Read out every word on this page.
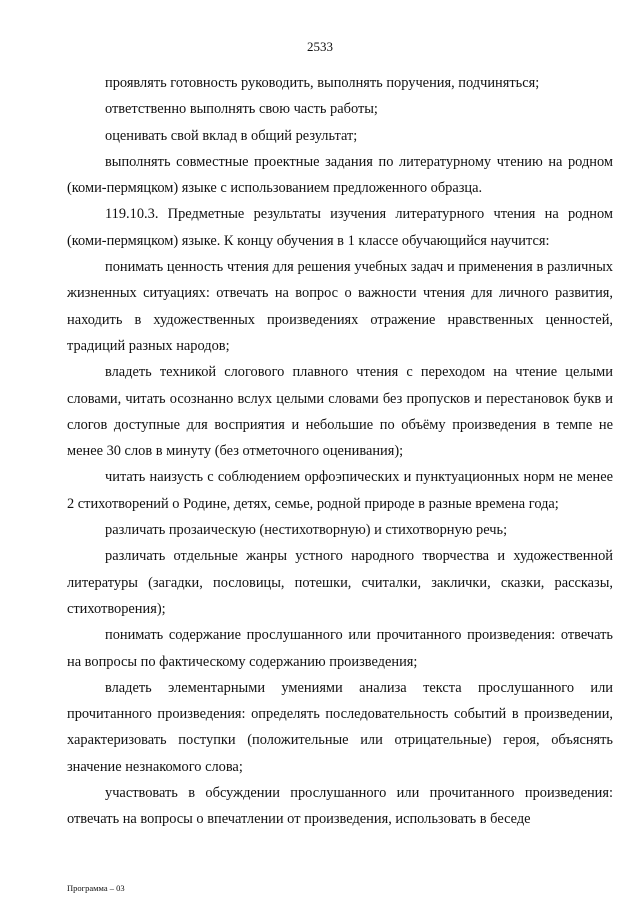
2533

проявлять готовность руководить, выполнять поручения, подчиняться;

ответственно выполнять свою часть работы;

оценивать свой вклад в общий результат;

выполнять совместные проектные задания по литературному чтению на родном (коми-пермяцком) языке с использованием предложенного образца.

119.10.3. Предметные результаты изучения литературного чтения на родном (коми-пермяцком) языке. К концу обучения в 1 классе обучающийся научится:

понимать ценность чтения для решения учебных задач и применения в различных жизненных ситуациях: отвечать на вопрос о важности чтения для личного развития, находить в художественных произведениях отражение нравственных ценностей, традиций разных народов;

владеть техникой слогового плавного чтения с переходом на чтение целыми словами, читать осознанно вслух целыми словами без пропусков и перестановок букв и слогов доступные для восприятия и небольшие по объёму произведения в темпе не менее 30 слов в минуту (без отметочного оценивания);

читать наизусть с соблюдением орфоэпических и пунктуационных норм не менее 2 стихотворений о Родине, детях, семье, родной природе в разные времена года;

различать прозаическую (нестихотворную) и стихотворную речь;

различать отдельные жанры устного народного творчества и художественной литературы (загадки, пословицы, потешки, считалки, заклички, сказки, рассказы, стихотворения);

понимать содержание прослушанного или прочитанного произведения: отвечать на вопросы по фактическому содержанию произведения;

владеть элементарными умениями анализа текста прослушанного или прочитанного произведения: определять последовательность событий в произведении, характеризовать поступки (положительные или отрицательные) героя, объяснять значение незнакомого слова;

участвовать в обсуждении прослушанного или прочитанного произведения: отвечать на вопросы о впечатлении от произведения, использовать в беседе

Программа – 03
